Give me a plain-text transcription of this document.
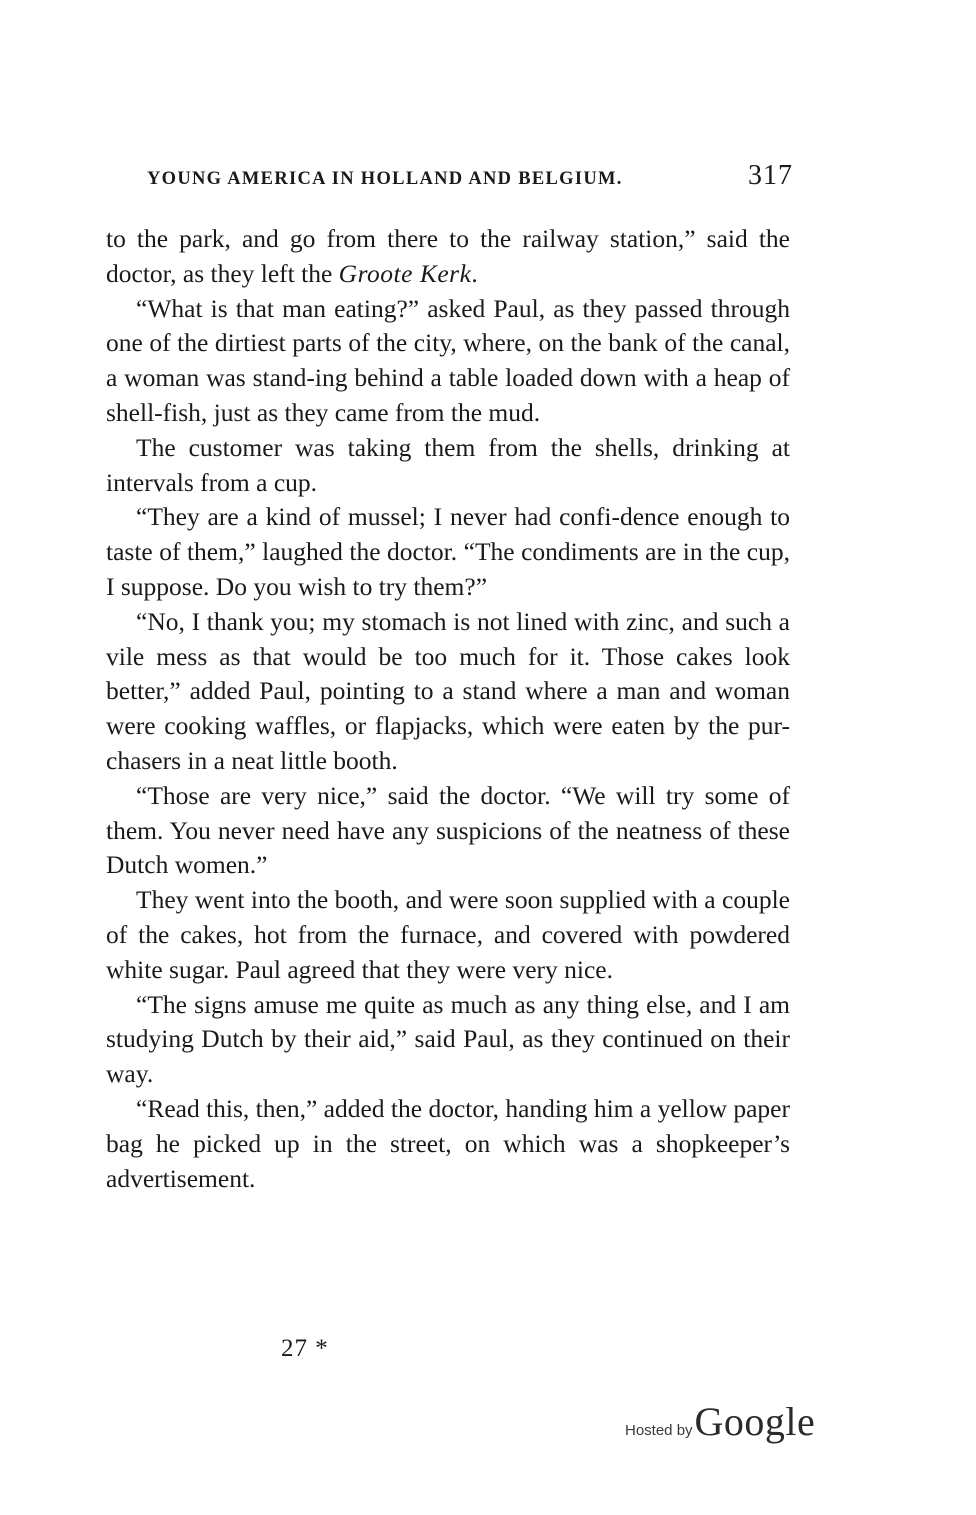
YOUNG AMERICA IN HOLLAND AND BELGIUM.	317

to the park, and go from there to the railway station,” said the doctor, as they left the Groote Kerk.

“What is that man eating?” asked Paul, as they passed through one of the dirtiest parts of the city, where, on the bank of the canal, a woman was stand-ing behind a table loaded down with a heap of shell-fish, just as they came from the mud.

The customer was taking them from the shells, drinking at intervals from a cup.

“They are a kind of mussel; I never had confi-dence enough to taste of them,” laughed the doctor. “The condiments are in the cup, I suppose. Do you wish to try them?”

“No, I thank you; my stomach is not lined with zinc, and such a vile mess as that would be too much for it. Those cakes look better,” added Paul, pointing to a stand where a man and woman were cooking waffles, or flapjacks, which were eaten by the pur-chasers in a neat little booth.

“Those are very nice,” said the doctor. “We will try some of them. You never need have any suspicions of the neatness of these Dutch women.”

They went into the booth, and were soon supplied with a couple of the cakes, hot from the furnace, and covered with powdered white sugar. Paul agreed that they were very nice.

“The signs amuse me quite as much as any thing else, and I am studying Dutch by their aid,” said Paul, as they continued on their way.

“Read this, then,” added the doctor, handing him a yellow paper bag he picked up in the street, on which was a shopkeeper’s advertisement.

27 *
Hosted by Google
